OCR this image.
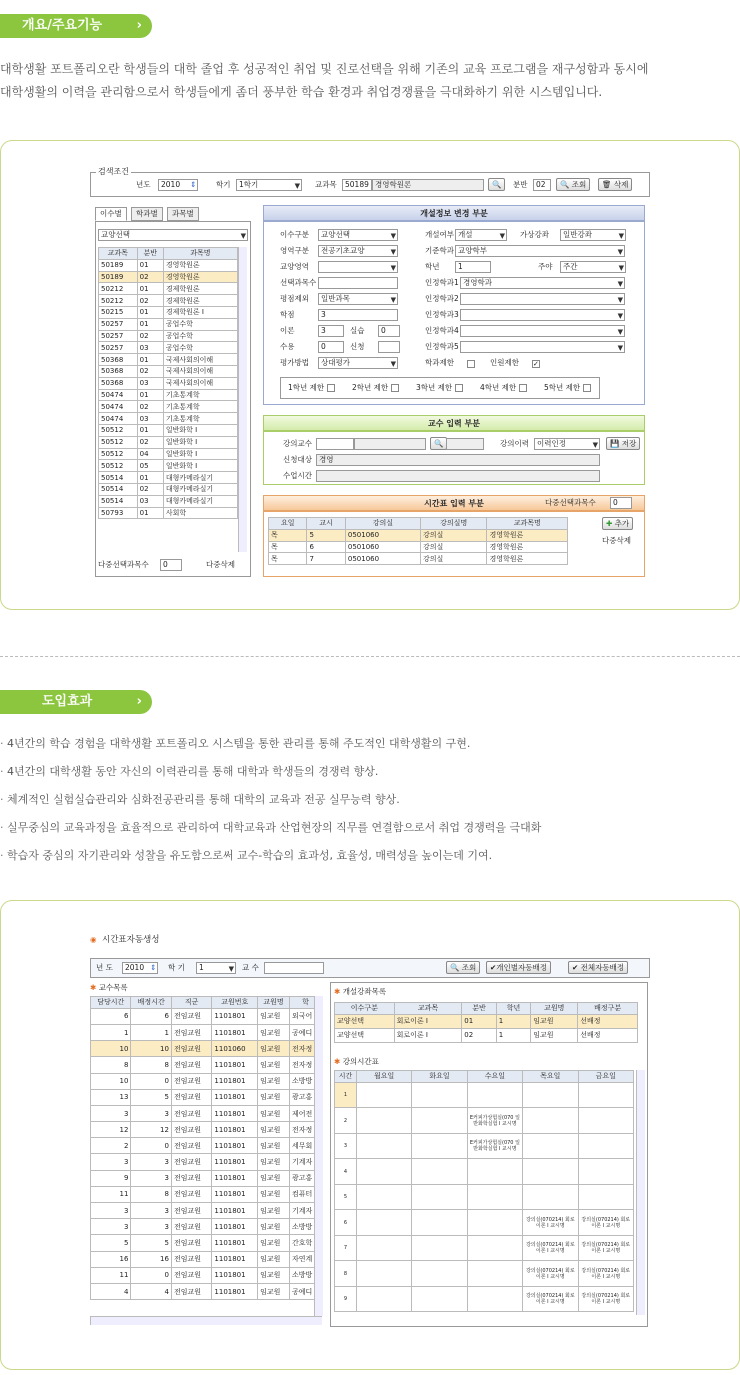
개요/주요기능	›
대학생활 포트폴리오란 학생들의 대학 졸업 후 성공적인 취업 및 진로선택을 위해 기존의 교육 프로그램을 재구성함과 동시에
대학생활의 이력을 관리함으로서 학생들에게 좀더 풍부한 학습 환경과 취업경쟁률을 극대화하기 위한 시스템입니다.
검색조건
년도	2010	⇕	학기	1학기 ▼	교과목	50189 경영학원론	🔍	분반	02	🔍 조회	🗑 삭제
이수별	학과별	과목별
교양선택 ▼
교과목	분반	과목명
50189	01	경영학원론
50189	02	경영학원론
50212	01	경제학원론
50212	02	경제학원론
50215	01	경제학원론 I
50257	01	공업수학
50257	02	공업수학
50257	03	공업수학
50368	01	국제사회의이해
50368	02	국제사회의이해
50368	03	국제사회의이해
50474	01	기초통계학
50474	02	기초통계학
50474	03	기초통계학
50512	01	일반화학 I
50512	02	일반화학 I
50512	04	일반화학 I
50512	05	일반화학 I
50514	01	대형카메라실기
50514	02	대형카메라실기
50514	03	대형카메라실기
50793	01	사회학
다중선택과목수	0	다중삭제
개설정보 변경 부분
이수구분	교양선택 ▼	개설여부 개설 ▼	가상강좌	일반강좌 ▼
영역구분	전공기초교양 ▼	기준학과 교양학부 ▼
교양영역 ▼	학년	1	주야	주간 ▼
선택과목수	인정학과1 경영학과 ▼
평점제외	일반과목 ▼	인정학과2
▼
학점	3	인정학과3
▼
이론	3	실습	0	인정학과4
▼
수용	0	신청	인정학과5
▼
평가방법	상대평가 ▼	학과제한	인원제한 ✓
1학년 제한	2학년 제한	3학년 제한	4학년 제한	5학년 제한
교수 입력 부분
강의교수	🔍	강의이력	이력인정 ▼	💾 저장
신청대상 경영
수업시간
시간표 입력 부분	다중선택과목수	0
요일	교시	강의실	강의실명	교과목명
목	5	0501060	강의실	경영학원론
목	6	0501060	강의실	경영학원론
목	7	0501060	강의실	경영학원론
✚ 추가
다중삭제
도입효과	›
· 4년간의 학습 경험을 대학생활 포트폴리오 시스템을 통한 관리를 통해 주도적인 대학생활의 구현.
· 4년간의 대학생활 동안 자신의 이력관리를 통해 대학과 학생들의 경쟁력 향상.
· 체계적인 실험실습관리와 심화전공관리를 통해 대학의 교육과 전공 실무능력 향상.
· 실무중심의 교육과정을 효율적으로 관리하여 대학교육과 산업현장의 직무를 연결함으로서 취업 경쟁력을 극대화
· 학습자 중심의 자기관리와 성찰을 유도함으로써 교수-학습의 효과성, 효율성, 매력성을 높이는데 기여.
◉ 시간표자동생성
년 도	2010 ⇕ 학 기	1 ▼	교 수	🔍 조회	✔개인별자동배정	✔ 전체자동배정
✱ 교수목록
담당시간	배정시간	직군	교원번호	교원명	학
6	6	전임교원	1101801	임교원	외국어
1	1	전임교원	1101801	임교원	공예디
10	10	전임교원	1101060	임교원	전자정
8	8	전임교원	1101801	임교원	전자정
10	0	전임교원	1101801	임교원	소방방
13	5	전임교원	1101801	임교원	광고홍
3	3	전임교원	1101801	임교원	제어전
12	12	전임교원	1101801	임교원	전자정
2	0	전임교원	1101801	임교원	세무회
3	3	전임교원	1101801	임교원	기계자
9	3	전임교원	1101801	임교원	광고홍
11	8	전임교원	1101801	임교원	컴퓨터
3	3	전임교원	1101801	임교원	기계자
3	3	전임교원	1101801	임교원	소방방
5	5	전임교원	1101801	임교원	간호학
16	16	전임교원	1101801	임교원	자연계
11	0	전임교원	1101801	임교원	소방방
4	4	전임교원	1101801	임교원	공예디
✱ 개설강좌목록
이수구분	교과목	분반	학년	교원명	배정구분
교양선택	회로이론 I	01	1	임교원	선배정
교양선택	회로이론 I	02	1	임교원	선배정
✱ 강의시간표
시간	월요일	화요일	수요일	목요일	금요일
1					
2			E커피가상험실(070 일반화학실험 I 교시명		
3			E커피가상험실(070 일반화학실험 I 교시명		
4					
5					
6				강의실(070214) 회로이론 I 교시명	강의실(070214) 회로이론 I 교시명
7				강의실(070214) 회로이론 I 교시명	강의실(070214) 회로이론 I 교시명
8				강의실(070214) 회로이론 I 교시명	강의실(070214) 회로이론 I 교시명
9				강의실(070214) 회로이론 I 교시명	강의실(070214) 회로이론 I 교시명
